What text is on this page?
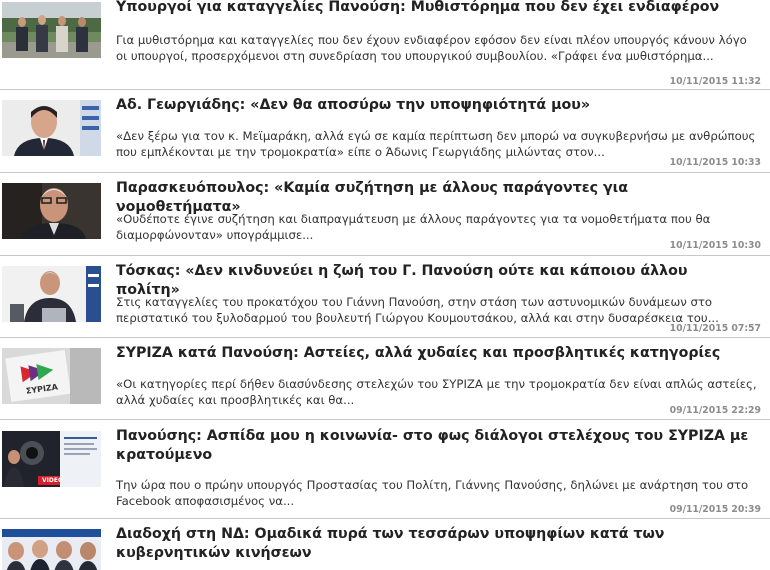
Υπουργοί για καταγγελίες Πανούση: Μυθιστόρημα που δεν έχει ενδιαφέρον

Για μυθιστόρημα και καταγγελίες που δεν έχουν ενδιαφέρον εφόσον δεν είναι πλέον υπουργός κάνουν λόγο οι υπουργοί, προσερχόμενοι στη συνεδρίαση του υπουργικού συμβουλίου. «Γράφει ένα μυθιστόρημα...

10/11/2015 11:32
Αδ. Γεωργιάδης: «Δεν θα αποσύρω την υποψηφιότητά μου»

«Δεν ξέρω για τον κ. Μεϊμαράκη, αλλά εγώ σε καμία περίπτωση δεν μπορώ να συγκυβερνήσω με ανθρώπους που εμπλέκονται με την τρομοκρατία» είπε ο Άδωνις Γεωργιάδης μιλώντας στον...

10/11/2015 10:33
Παρασκευόπουλος: «Καμία συζήτηση με άλλους παράγοντες για νομοθετήματα»

«Ουδέποτε έγινε συζήτηση και διαπραγμάτευση με άλλους παράγοντες για τα νομοθετήματα που θα διαμορφώνονταν» υπογράμμισε...

10/11/2015 10:30
Τόσκας: «Δεν κινδυνεύει η ζωή του Γ. Πανούση ούτε και κάποιου άλλου πολίτη»

Στις καταγγελίες του προκατόχου του Γιάννη Πανούση, στην στάση των αστυνομικών δυνάμεων στο περιστατικό του ξυλοδαρμού του βουλευτή Γιώργου Κουμουτσάκου, αλλά και στην δυσαρέσκεια του...

10/11/2015 07:57
ΣΥΡΙΖΑ
ΣΥΡΙΖΑ κατά Πανούση: Αστείες, αλλά χυδαίες και προσβλητικές κατηγορίες

«Οι κατηγορίες περί δήθεν διασύνδεσης στελεχών του ΣΥΡΙΖΑ με την τρομοκρατία δεν είναι απλώς αστείες, αλλά χυδαίες και προσβλητικές και θα...

09/11/2015 22:29
VIDEO
Πανούσης: Ασπίδα μου η κοινωνία- στο φως διάλογοι στελέχους του ΣΥΡΙΖΑ με κρατούμενο

Την ώρα που ο πρώην υπουργός Προστασίας του Πολίτη, Γιάννης Πανούσης, δηλώνει με ανάρτηση του στο Facebook αποφασισμένος να...

09/11/2015 20:39
Διαδοχή στη ΝΔ: Ομαδικά πυρά των τεσσάρων υποψηφίων κατά των κυβερνητικών κινήσεων
